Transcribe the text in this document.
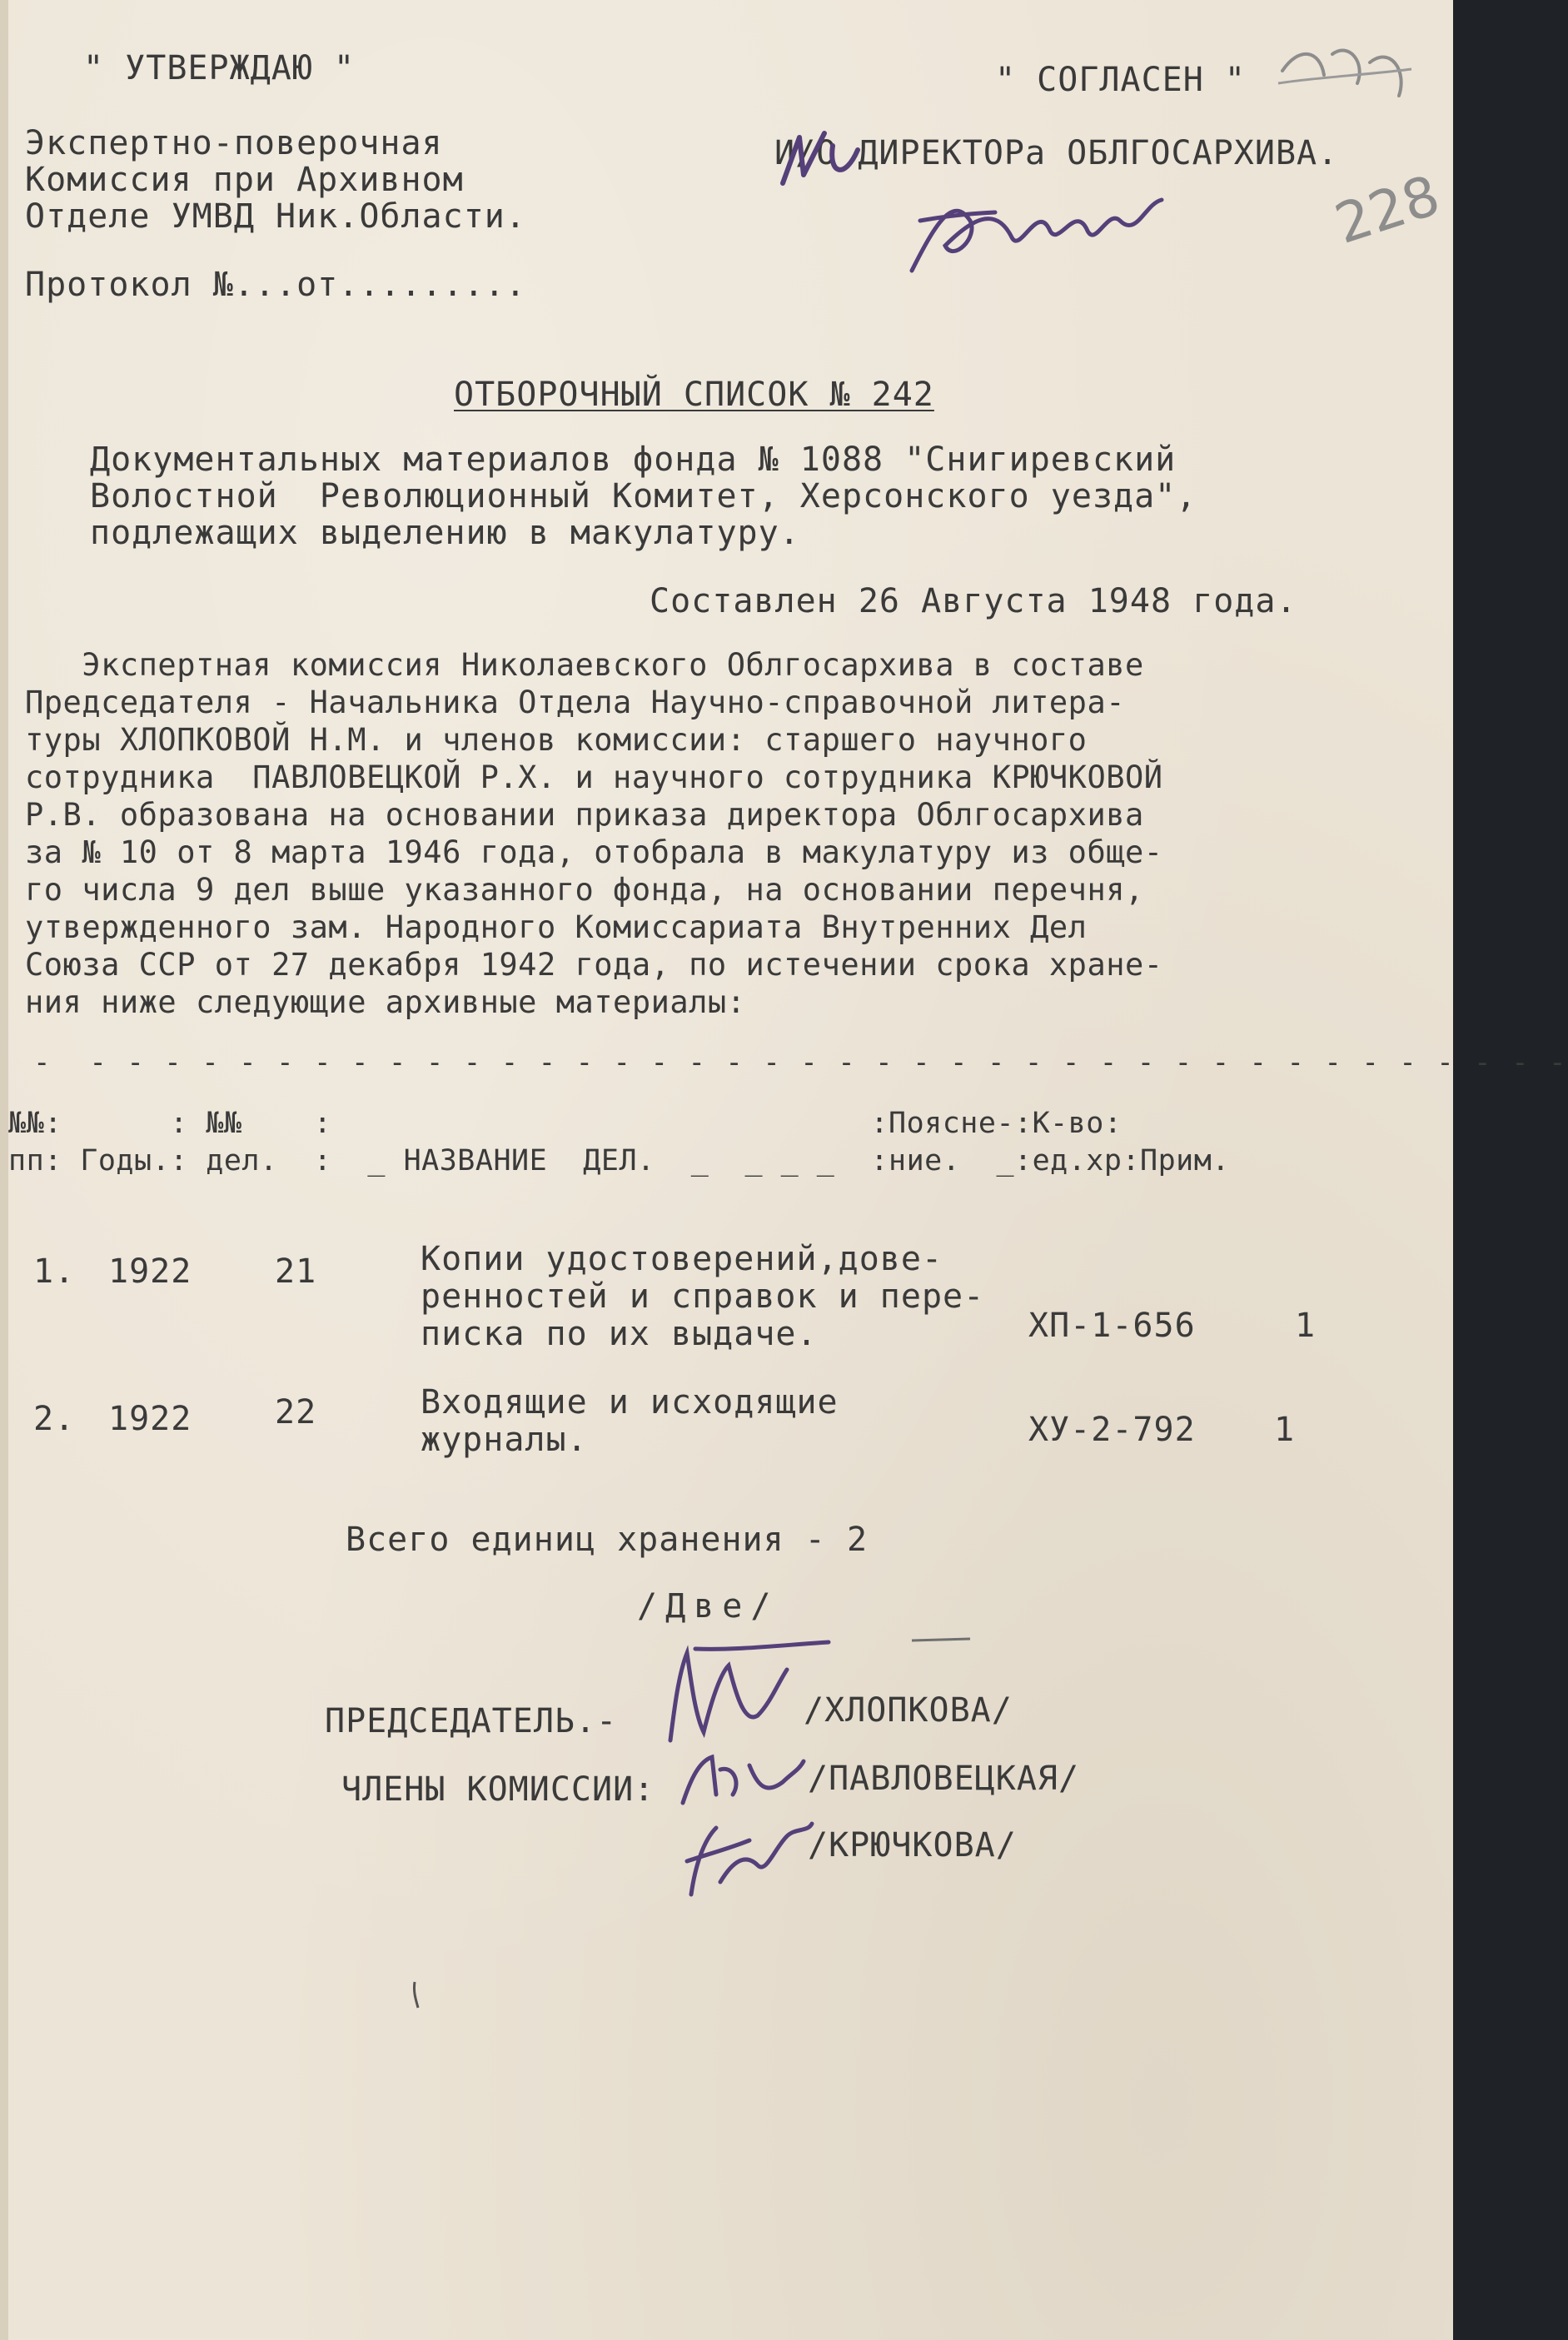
" УТВЕРЖДАЮ "
Экспертно-поверочная
Комиссия при Архивном
Отделе УМВД Ник.Области.
Протокол №...от.........
" СОГЛАСЕН "
И/О ДИРЕКТОРа ОБЛГОСАРХИВА.
ОТБОРОЧНЫЙ СПИСОК № 242
Документальных материалов фонда № 1088 "Снигиревский
Волостной  Революционный Комитет, Херсонского уезда",
подлежащих выделению в макулатуру.
Составлен 26 Августа 1948 года.
Экспертная комиссия Николаевского Облгосархива в составе
Председателя - Начальника Отдела Научно-справочной литера-
туры ХЛОПКОВОЙ Н.М. и членов комиссии: старшего научного
сотрудника  ПАВЛОВЕЦКОЙ Р.Х. и научного сотрудника КРЮЧКОВОЙ
Р.В. образована на основании приказа директора Облгосархива
за № 10 от 8 марта 1946 года, отобрала в макулатуру из обще-
го числа 9 дел выше указанного фонда, на основании перечня,
утвержденного зам. Народного Комиссариата Внутренних Дел
Союза ССР от 27 декабря 1942 года, по истечении срока хране-
ния ниже следующие архивные материалы:
-  - - - - - - - - - - - - - - - - - - - - - - - - - - - - - - - - - - - - - - - -
№№:      : №№    :                              :Поясне-:К-во:
пп: Годы.: дел.  :  _ НАЗВАНИЕ  ДЕЛ.  _  _ _ _  :ние.  _:ед.хр:Прим.
1. 1922 21	Копии удостоверений,дове-
ренностей и справок и пере-
писка по их выдаче.	ХП-1-656	1
2. 1922 22	Входящие и исходящие
журналы.	ХУ-2-792 1
Всего единиц хранения - 2
/Две/
ПРЕДСЕДАТЕЛЬ.-	/ХЛОПКОВА/
ЧЛЕНЫ КОМИССИИ:	/ПАВЛОВЕЦКАЯ/
/КРЮЧКОВА/
228
